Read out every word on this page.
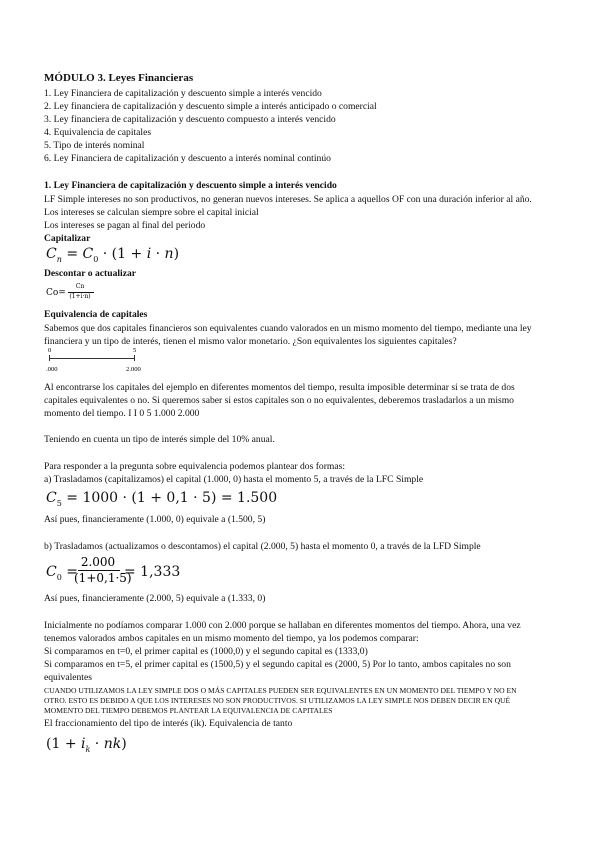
MÓDULO 3. Leyes Financieras

1. Ley Financiera de capitalización y descuento simple a interés vencido

2. Ley financiera de capitalización y descuento simple a interés anticipado o comercial

3. Ley financiera de capitalización y descuento compuesto a interés vencido

4. Equivalencia de capitales

5. Tipo de interés nominal

6. Ley Financiera de capitalización y descuento a interés nominal continúo

1. Ley Financiera de capitalización y descuento simple a interés vencido

LF Simple intereses no son productivos, no generan nuevos intereses. Se aplica a aquellos OF con una duración inferior al año.

Los intereses se calculan siempre sobre el capital inicial

Los intereses se pagan al final del periodo

Capitalizar

$C_n = C_0 \cdot (1 + i \cdot n)$

Descontar o actualizar

Co=
Cn
(1+i·n)

Equivalencia de capitales

Sabemos que dos capitales financieros son equivalentes cuando valorados en un mismo momento del tiempo, mediante una ley

financiera y un tipo de interés, tienen el mismo valor monetario. ¿Son equivalentes los siguientes capitales?

0	5
.000	2.000

Al encontrarse los capitales del ejemplo en diferentes momentos del tiempo, resulta imposible determinar si se trata de dos

capitales equivalentes o no. Si queremos saber si estos capitales son o no equivalentes, deberemos trasladarlos a un mismo

momento del tiempo. I I 0 5 1.000 2.000

Teniendo en cuenta un tipo de interés simple del 10% anual.

Para responder a la pregunta sobre equivalencia podemos plantear dos formas:

a) Trasladamos (capitalizamos) el capital (1.000, 0) hasta el momento 5, a través de la LFC Simple

$C_5 = 1000 \cdot (1 + 0,1 \cdot 5) = 1.500$

Así pues, financieramente (1.000, 0) equivale a (1.500, 5)

b) Trasladamos (actualizamos o descontamos) el capital (2.000, 5) hasta el momento 0, a través de la LFD Simple

$C_0$ =
2.000
(1+0,1·5)
= 1,333

Así pues, financieramente (2.000, 5) equivale a (1.333, 0)

Inicialmente no podíamos comparar 1.000 con 2.000 porque se hallaban en diferentes momentos del tiempo. Ahora, una vez

tenemos valorados ambos capitales en un mismo momento del tiempo, ya los podemos comparar:

Si comparamos en t=0, el primer capital es (1000,0) y el segundo capital es (1333,0)

Si comparamos en t=5, el primer capital es (1500,5) y el segundo capital es (2000, 5) Por lo tanto, ambos capitales no son

equivalentes

CUANDO UTILIZAMOS LA LEY SIMPLE DOS O MÁS CAPITALES PUEDEN SER EQUIVALENTES EN UN MOMENTO DEL TIEMPO Y NO EN

OTRO. ESTO ES DEBIDO A QUE LOS INTERESES NO SON PRODUCTIVOS. SI UTILIZAMOS LA LEY SIMPLE NOS DEBEN DECIR EN QUÉ

MOMENTO DEL TIEMPO DEBEMOS PLANTEAR LA EQUIVALENCIA DE CAPITALES

El fraccionamiento del tipo de interés (ik). Equivalencia de tanto

$(1 + i_k \cdot nk)$
